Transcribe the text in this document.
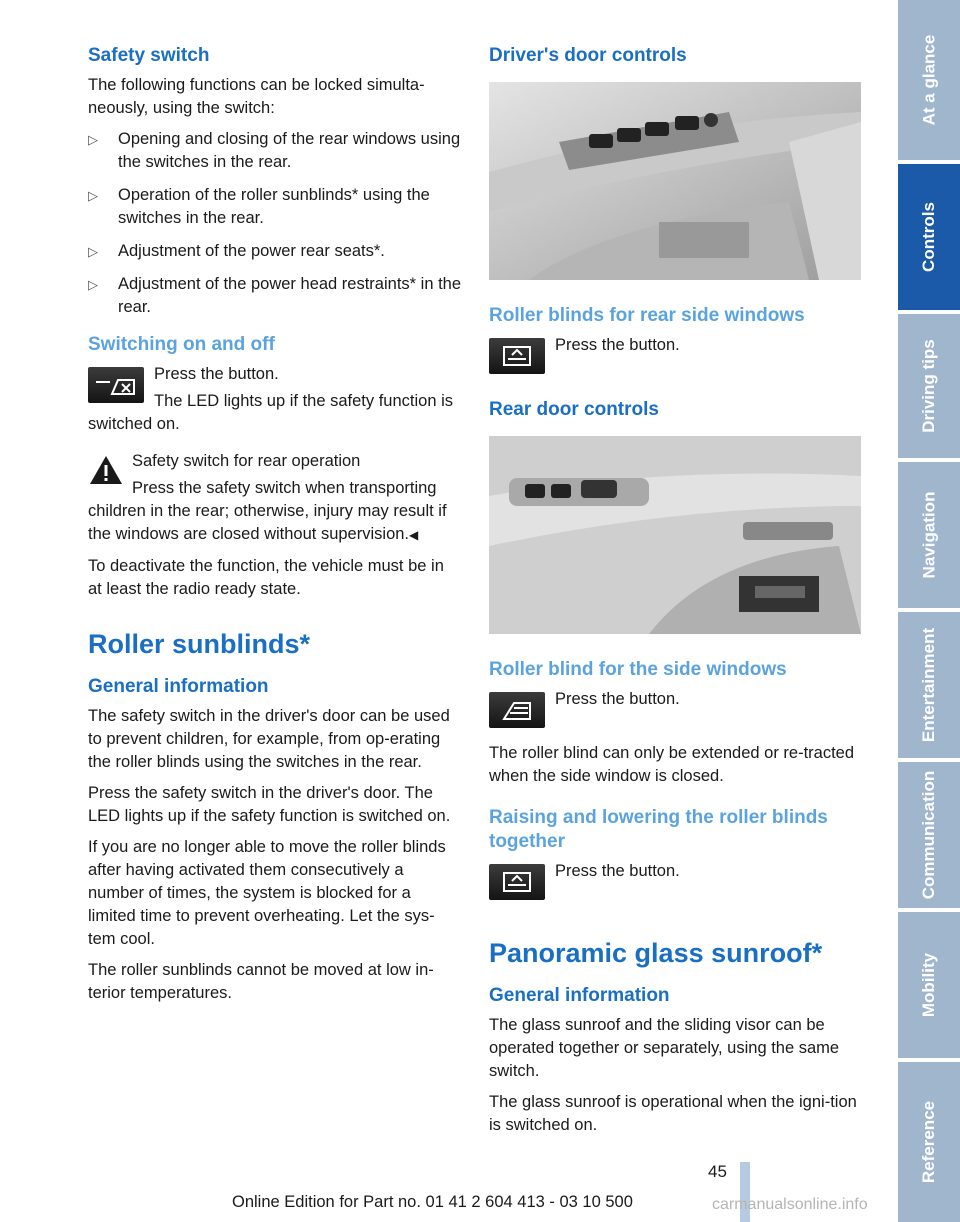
Safety switch

The following functions can be locked simulta-neously, using the switch:

▷ Opening and closing of the rear windows using the switches in the rear.
▷ Operation of the roller sunblinds* using the switches in the rear.
▷ Adjustment of the power rear seats*.
▷ Adjustment of the power head restraints* in the rear.
Switching on and off

Press the button.

The LED lights up if the safety function is switched on.

Safety switch for rear operation

Press the safety switch when transporting children in the rear; otherwise, injury may result if the windows are closed without supervision.◀

To deactivate the function, the vehicle must be in at least the radio ready state.

Roller sunblinds*
General information

The safety switch in the driver's door can be used to prevent children, for example, from op-erating the roller blinds using the switches in the rear.

Press the safety switch in the driver's door. The LED lights up if the safety function is switched on.

If you are no longer able to move the roller blinds after having activated them consecutively a number of times, the system is blocked for a limited time to prevent overheating. Let the sys-tem cool.

The roller sunblinds cannot be moved at low in-terior temperatures.

Driver's door controls
Roller blinds for rear side windows

Press the button.

Rear door controls
Roller blind for the side windows

Press the button.

The roller blind can only be extended or re-tracted when the side window is closed.

Raising and lowering the roller blinds together

Press the button.

Panoramic glass sunroof*
General information

The glass sunroof and the sliding visor can be operated together or separately, using the same switch.

The glass sunroof is operational when the igni-tion is switched on.

At a glance
Controls
Driving tips
Navigation
Entertainment
Communication
Mobility
Reference
45
Online Edition for Part no. 01 41 2 604 413 - 03 10 500	carmanualsonline.info
